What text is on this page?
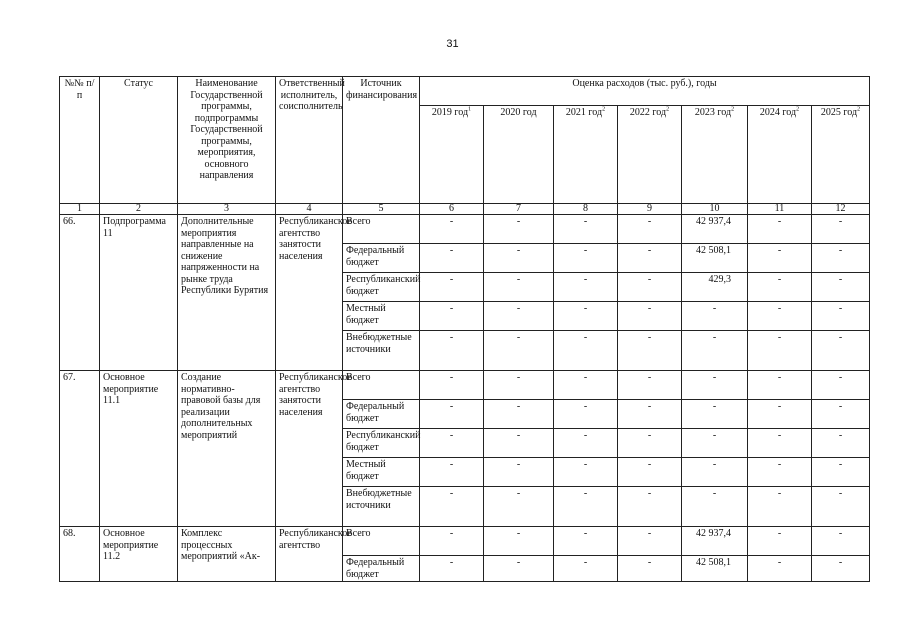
31
№№ п/п	Статус	Наименование Государственной программы, подпрограммы Государственной программы, мероприятия, основного направления	Ответственный исполнитель, соисполнитель	Источник финансирования	Оценка расходов (тыс. руб.), годы						
					2019 год$^1$	2020 год	2021 год$^2$	2022 год$^2$	2023 год$^2$	2024 год$^2$	2025 год$^2$
1	2	3	4	5	6	7	8	9	10	11	12
66.	Подпрограмма 11	Дополнительные мероприятия направленные на снижение напряженности на рынке труда Республики Бурятия	Республиканское агентство занятости населения	Всего	-	-	-	-	42 937,4	-	-
				Федеральный бюджет	-	-	-	-	42 508,1	-	-
				Республиканский бюджет	-	-	-	-	429,3	-	-
				Местный бюджет	-	-	-	-	-	-	-
				Внебюджетные источники	-	-	-	-	-	-	-
67.	Основное мероприятие 11.1	Создание нормативно-правовой базы для реализации дополнительных мероприятий	Республиканское агентство занятости населения	Всего	-	-	-	-	-	-	-
				Федеральный бюджет	-	-	-	-	-	-	-
				Республиканский бюджет	-	-	-	-	-	-	-
				Местный бюджет	-	-	-	-	-	-	-
				Внебюджетные источники	-	-	-	-	-	-	-
68.	Основное мероприятие 11.2	Комплекс процессных мероприятий «Ак-	Республиканское агентство	Всего	-	-	-	-	42 937,4	-	-
				Федеральный бюджет	-	-	-	-	42 508,1	-	-
